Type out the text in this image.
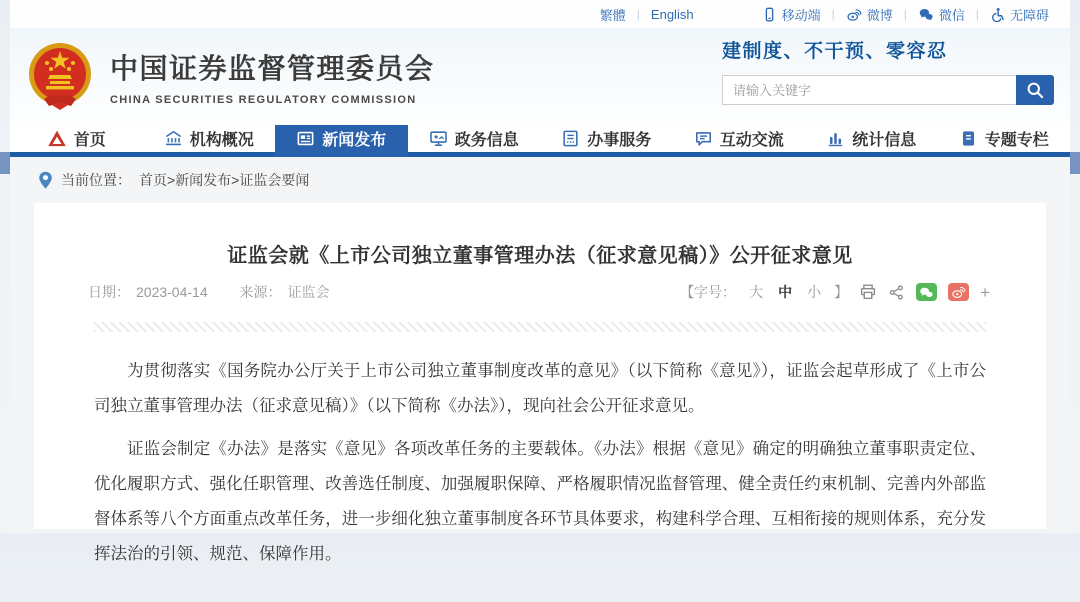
繁體 | English	移动端 | 微博 | 微信 | 无障碍
中国证券监督管理委员会
CHINA SECURITIES REGULATORY COMMISSION
建制度、不干预、零容忍
请输入关键字
首页	机构概况	新闻发布	政务信息	办事服务	互动交流	统计信息	专题专栏
当前位置： 首页>新闻发布>证监会要闻
证监会就《上市公司独立董事管理办法（征求意见稿）》公开征求意见
日期： 2023-04-14 来源： 证监会	【字号： 大 中 小 】	+

为贯彻落实《国务院办公厅关于上市公司独立董事制度改革的意见》（以下简称《意见》），证监会起草形成了《上市公司独立董事管理办法（征求意见稿）》（以下简称《办法》），现向社会公开征求意见。

证监会制定《办法》是落实《意见》各项改革任务的主要载体。《办法》根据《意见》确定的明确独立董事职责定位、优化履职方式、强化任职管理、改善选任制度、加强履职保障、严格履职情况监督管理、健全责任约束机制、完善内外部监督体系等八个方面重点改革任务，进一步细化独立董事制度各环节具体要求，构建科学合理、互相衔接的规则体系，充分发挥法治的引领、规范、保障作用。
